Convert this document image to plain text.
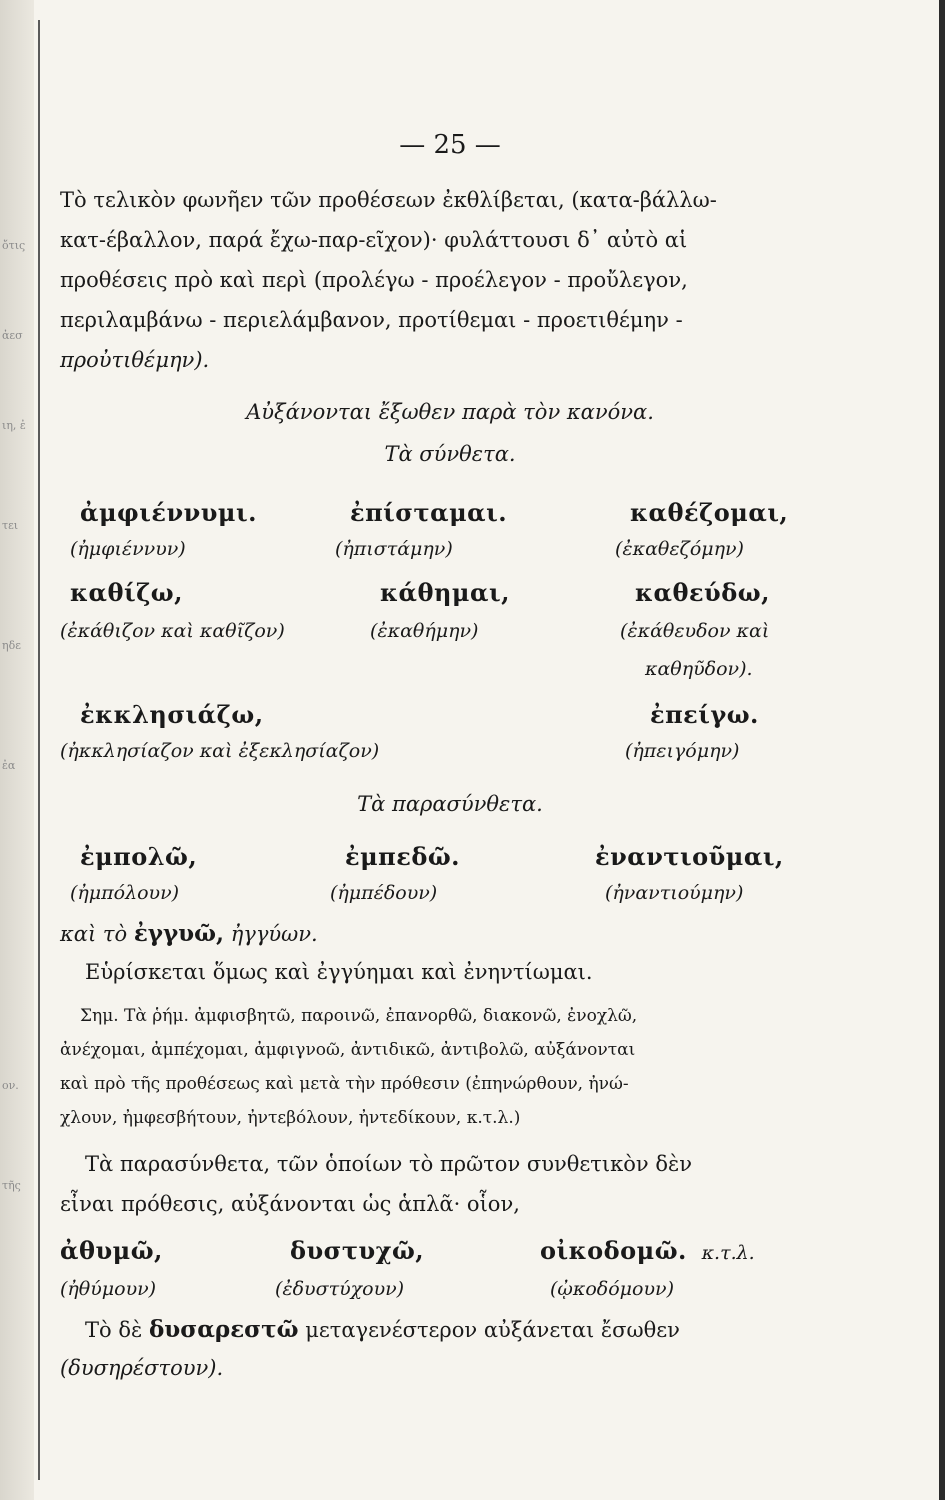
ὄτις
ἀεσ
ιη, ἐ
τει
ηδε
ἐα
ον.
τῆς
— 25 —
Τὸ τελικὸν φωνῆεν τῶν προθέσεων ἐκθλίβεται, (κατα-βάλλω-
κατ-έβαλλον, παρά ἔχω-παρ-εῖχον)· φυλάττουσι δ᾽ αὐτὸ αἱ
προθέσεις πρὸ καὶ περὶ (προλέγω - προέλεγον - προὔλεγον,
περιλαμβάνω - περιελάμβανον, προτίθεμαι - προετιθέμην -
προὐτιθέμην).
Αὐξάνονται ἔξωθεν παρὰ τὸν κανόνα.
Τὰ σύνθετα.
ἀμφιέννυμι.
(ἠμφιέννυν)
ἐπίσταμαι.
(ἠπιστάμην)
καθέζομαι,
(ἐκαθεζόμην)
καθίζω,
(ἐκάθιζον καὶ καθῖζον)
κάθημαι,
(ἐκαθήμην)
καθεύδω,
(ἐκάθευδον καὶ
καθηῦδον).
ἐκκλησιάζω,
(ἠκκλησίαζον καὶ ἐξεκλησίαζον)
ἐπείγω.
(ἠπειγόμην)
Τὰ παρασύνθετα.
ἐμπολῶ,
(ἠμπόλουν)
ἐμπεδῶ.
(ἠμπέδουν)
ἐναντιοῦμαι,
(ἠναντιούμην)
καὶ τὸ ἐγγυῶ, ἠγγύων.
Εὑρίσκεται ὅμως καὶ ἐγγύημαι καὶ ἐνηντίωμαι.
Σημ. Τὰ ῥήμ. ἀμφισβητῶ, παροινῶ, ἐπανορθῶ, διακονῶ, ἐνοχλῶ,
ἀνέχομαι, ἀμπέχομαι, ἀμφιγνοῶ, ἀντιδικῶ, ἀντιβολῶ, αὐξάνονται
καὶ πρὸ τῆς προθέσεως καὶ μετὰ τὴν πρόθεσιν (ἐπηνώρθουν, ἠνώ-
χλουν, ἠμφεσβήτουν, ἠντεβόλουν, ἠντεδίκουν, κ.τ.λ.)
Τὰ παρασύνθετα, τῶν ὁποίων τὸ πρῶτον συνθετικὸν δὲν
εἶναι πρόθεσις, αὐξάνονται ὡς ἁπλᾶ· οἷον,
ἀθυμῶ,
(ἠθύμουν)
δυστυχῶ,
(ἐδυστύχουν)
οἰκοδομῶ. κ.τ.λ.
(ᾠκοδόμουν)
Τὸ δὲ δυσαρεστῶ μεταγενέστερον αὐξάνεται ἔσωθεν
(δυσηρέστουν).
